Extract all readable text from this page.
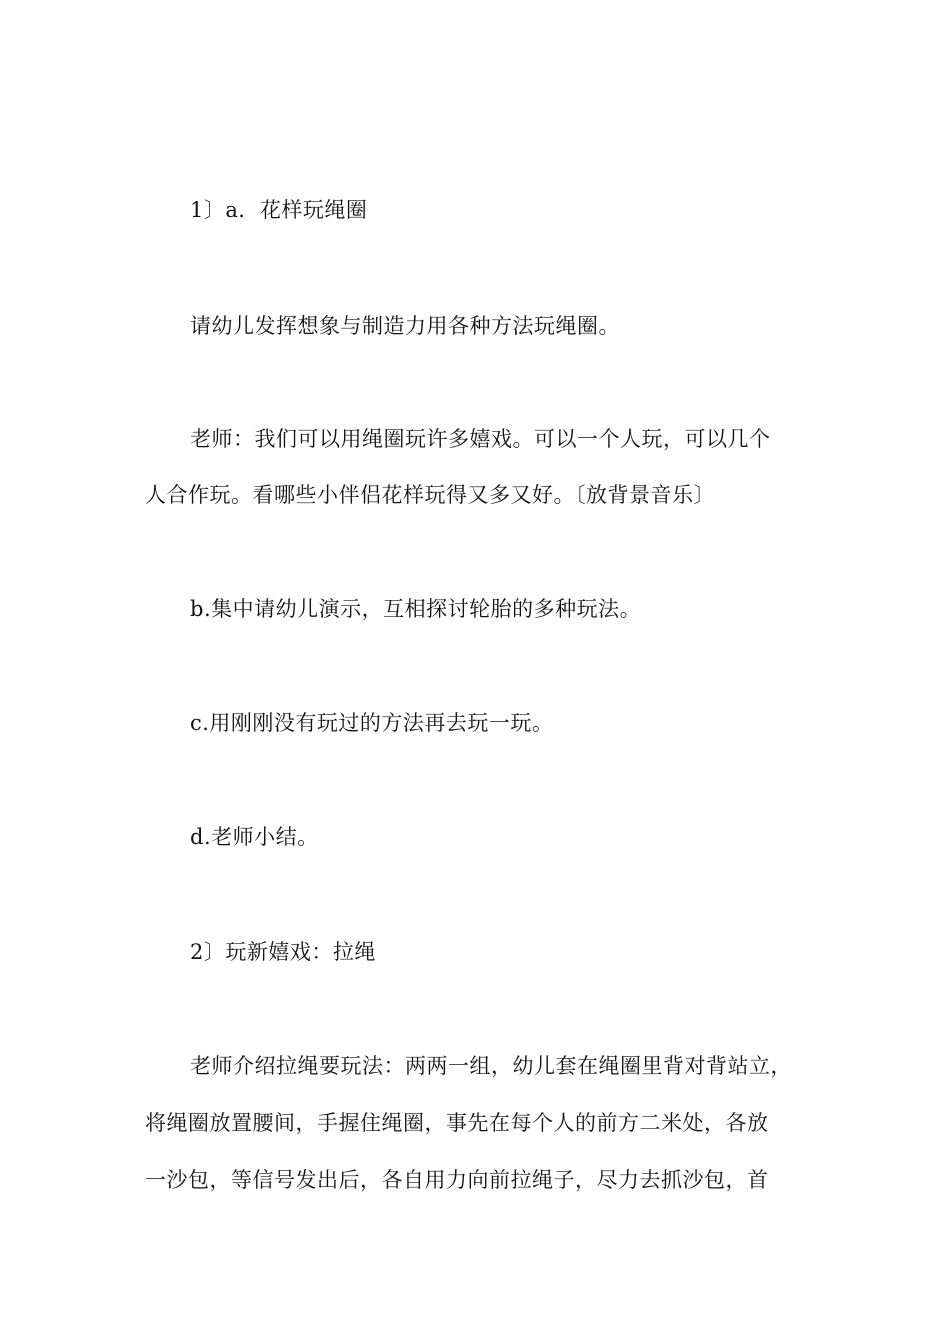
1〕a．花样玩绳圈
请幼儿发挥想象与制造力用各种方法玩绳圈。
老师：我们可以用绳圈玩许多嬉戏。可以一个人玩，可以几个
人合作玩。看哪些小伴侣花样玩得又多又好。〔放背景音乐〕
b.集中请幼儿演示，互相探讨轮胎的多种玩法。
c.用刚刚没有玩过的方法再去玩一玩。
d.老师小结。
2〕玩新嬉戏：拉绳
老师介绍拉绳要玩法：两两一组，幼儿套在绳圈里背对背站立，
将绳圈放置腰间，手握住绳圈，事先在每个人的前方二米处，各放
一沙包，等信号发出后，各自用力向前拉绳子，尽力去抓沙包，首
